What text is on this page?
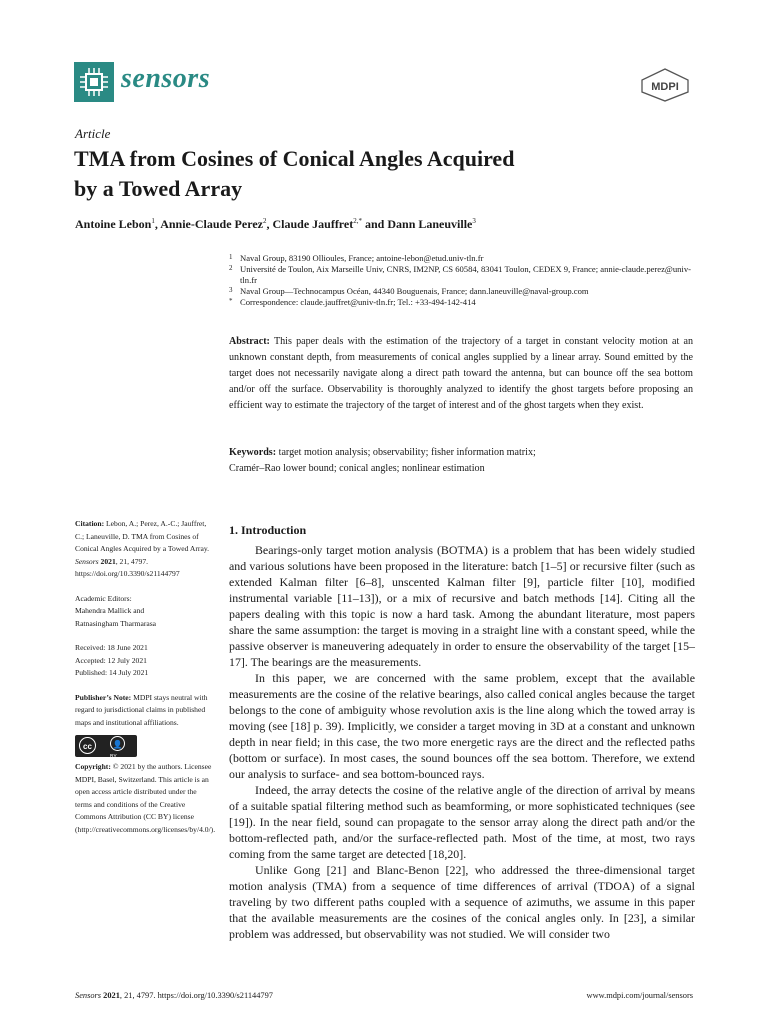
sensors	MDPI
Article
TMA from Cosines of Conical Angles Acquired
by a Towed Array
Antoine Lebon$^1$, Annie-Claude Perez$^2$, Claude Jauffret$^{2,*}$ and Dann Laneuville$^3$
1 Naval Group, 83190 Ollioules, France; antoine-lebon@etud.univ-tln.fr
2 Université de Toulon, Aix Marseille Univ, CNRS, IM2NP, CS 60584, 83041 Toulon, CEDEX 9, France; annie-claude.perez@univ-tln.fr
3 Naval Group—Technocampus Océan, 44340 Bouguenais, France; dann.laneuville@naval-group.com
* Correspondence: claude.jauffret@univ-tln.fr; Tel.: +33-494-142-414
Abstract: This paper deals with the estimation of the trajectory of a target in constant velocity motion at an unknown constant depth, from measurements of conical angles supplied by a linear array. Sound emitted by the target does not necessarily navigate along a direct path toward the antenna, but can bounce off the sea bottom and/or off the surface. Observability is thoroughly analyzed to identify the ghost targets before proposing an efficient way to estimate the trajectory of the target of interest and of the ghost targets when they exist.
Keywords: target motion analysis; observability; fisher information matrix;
Cramér–Rao lower bound; conical angles; nonlinear estimation

Citation: Lebon, A.; Perez, A.-C.; Jauffret, C.; Laneuville, D. TMA from Cosines of Conical Angles Acquired by a Towed Array. Sensors 2021, 21, 4797. https://doi.org/10.3390/s21144797

Academic Editors:

Mahendra Mallick and

Ratnasingham Tharmarasa

Received: 18 June 2021

Accepted: 12 July 2021

Published: 14 July 2021

Publisher’s Note: MDPI stays neutral with regard to jurisdictional claims in published maps and institutional affiliations.

cc	👤
BY

Copyright: © 2021 by the authors. Licensee MDPI, Basel, Switzerland. This article is an open access article distributed under the terms and conditions of the Creative Commons Attribution (CC BY) license (http://creativecommons.org/licenses/by/4.0/).

1. Introduction

Bearings-only target motion analysis (BOTMA) is a problem that has been widely studied and various solutions have been proposed in the literature: batch [1–5] or recursive filter (such as extended Kalman filter [6–8], unscented Kalman filter [9], particle filter [10], modified instrumental variable [11–13]), or a mix of recursive and batch methods [14]. Citing all the papers dealing with this topic is now a hard task. Among the abundant literature, most papers share the same assumption: the target is moving in a straight line with a constant speed, while the passive observer is maneuvering adequately in order to ensure the observability of the target [15–17]. The bearings are the measurements.

In this paper, we are concerned with the same problem, except that the available measurements are the cosine of the relative bearings, also called conical angles because the target belongs to the cone of ambiguity whose revolution axis is the line along which the towed array is moving (see [18] p. 39). Implicitly, we consider a target moving in 3D at a constant and unknown depth in near field; in this case, the two more energetic rays are the direct and the reflected paths (bottom or surface). In most cases, the sound bounces off the sea bottom. Therefore, we extend our analysis to surface- and sea bottom-bounced rays.

Indeed, the array detects the cosine of the relative angle of the direction of arrival by means of a suitable spatial filtering method such as beamforming, or more sophisticated techniques (see [19]). In the near field, sound can propagate to the sensor array along the direct path and/or the bottom-reflected path, and/or the surface-reflected path. Most of the time, at most, two rays coming from the same target are detected [18,20].

Unlike Gong [21] and Blanc-Benon [22], who addressed the three-dimensional target motion analysis (TMA) from a sequence of time differences of arrival (TDOA) of a signal traveling by two different paths coupled with a sequence of azimuths, we assume in this paper that the available measurements are the cosines of the conical angles only. In [23], a similar problem was addressed, but observability was not studied. We will consider two

Sensors 2021, 21, 4797. https://doi.org/10.3390/s21144797	www.mdpi.com/journal/sensors
